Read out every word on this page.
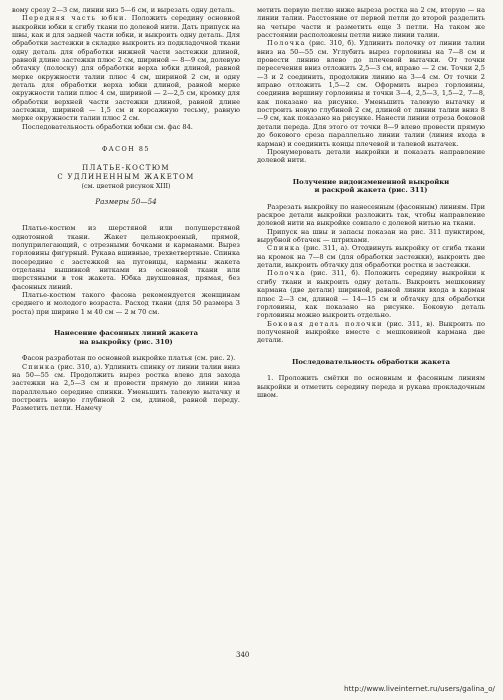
вому срезу 2—3 см, линии низ 5—6 см, и вырезать одну деталь.

Передняя часть юбки. Положить середину основной выкройки юбки к сгибу ткани по долевой нити. Дать припуск на швы, как и для задней части юбки, и выкроить одну деталь. Для обработки застежки в складке выкроить из подкладочной ткани одну деталь для обработки нижней части застежки длиной, равной длине застежки плюс 2 см, шириной — 8—9 см, долевую обтачку (полоску) для обработки верха юбки длиной, равной мерке окружности талии плюс 4 см, шириной 2 см, и одну деталь для обработки верха юбки длиной, равной мерке окружности талии плюс 4 см, шириной — 2—2,5 см, кромку для обработки верхней части застежки длиной, равной длине застежки, шириной — 1,5 см и корсажную тесьму, равную мерке окружности талии плюс 2 см.

Последовательность обработки юбки см. фаc 84.

ФАСОН 85
ПЛАТЬЕ-КОСТЮМ
С УДЛИНЕННЫМ ЖАКЕТОМ
(см. цветной рисунок XIII)
Размеры 50—54

Платье-костюм из шерстяной или полушерстяной однотонной ткани. Жакет цельнокроеный, прямой, полуприлегающий, с отрезными бочками и карманами. Вырез горловины фигурный. Рукава вшивные, трехветвертные. Спинка посередине с застежкой на пуговицы, карманы жакета отделаны вышивкой нитками из основной ткани или шерстяными в тон жакета. Юбка двухшовная, прямая, без фасонных линий.

Платье-костюм такого фасона рекомендуется женщинам среднего и молодого возраста. Расход ткани (для 50 размера 3 роста) при ширине 1 м 40 см — 2 м 70 см.

Нанесение фасонных линий жакета
на выкройку (рис. 310)

Фасон разработан по основной выкройке платья (см. рис. 2).

Спинка (рис. 310, а). Удлинить спинку от линии талии вниз на 50—55 см. Продолжить вырез ростка влево для захода застежки на 2,5—3 см и провести прямую до линии низа параллельно середине спинки. Уменьшить талевую вытачку и построить новую глубиной 2 см, длиной, равной переду. Разметить петли. Намечу

метить первую петлю ниже выреза ростка на 2 см, вторую — на линии талии. Расстояние от первой петли до второй разделить на четыре части и разметить еще 3 петли. На таком же расстоянии расположены петли ниже линии талии.

Полочка (рис. 310, б). Удлинить полочку от линии талии вниз на 50—55 см. Углубить вырез горловины на 7—8 см и провести линию влево до плечевой вытачки. От точки пересечения вниз отложить 2,5—3 см, вправо — 2 см. Точки 2,5—3 и 2 соединить, продолжив линию на 3—4 см. От точки 2 вправо отложить 1,5—2 см. Оформить вырез горловины, соединив вершину горловины и точки 3—4, 2,5—3, 1,5—2, 7—8, как показано на рисунке. Уменьшить талевую вытачку и построить новую глубиной 2 см, длиной от линии талии вниз 8—9 см, как показано на рисунке. Нанести линии отреза боковой детали переда. Для этого от точки 8—9 влево провести прямую до бокового среза параллельно линии талии (линия входа в карман) и соединить концы плечевой и талевой вытачек.

Пронумеровать детали выкройки и показать направление долевой нити.

Получение видоизмененной выкройки
и раскрой жакета (рис. 311)

Разрезать выкройку по нанесенным (фасонным) линиям. При раскрое детали выкройки разложить так, чтобы направление долевой нити на выкройке совпало с долевой нитью на ткани.

Припуск на швы и запасы показан на рис. 311 пунктиром, вырубной обтачек — штрихами.

Спинка (рис. 311, а). Отодвинуть выкройку от сгиба ткани на кромок на 7—8 см (для обработки застежки), выкроить две детали, выкроить обтачку для обработки ростка и застежки.

Полочка (рис. 311, б). Положить середину выкройки к сгибу ткани и выкроить одну деталь. Выкроить мешковину кармана (две детали) шириной, равной линии входа в карман плюс 2—3 см, длиной — 14—15 см и обтачку для обработки горловины, как показано на рисунке. Боковую деталь горловины можно выкроить отдельно.

Боковая деталь полочки (рис. 311, в). Выкроить по полученной выкройке вместе с мешковиной кармана две детали.

Последовательность обработки жакета

1. Проложить смётки по основным и фасонным линиям выкройки и отметить середину переда и рукава прокладочным швом.

340
http://www.liveinternet.ru/users/galina_o/
